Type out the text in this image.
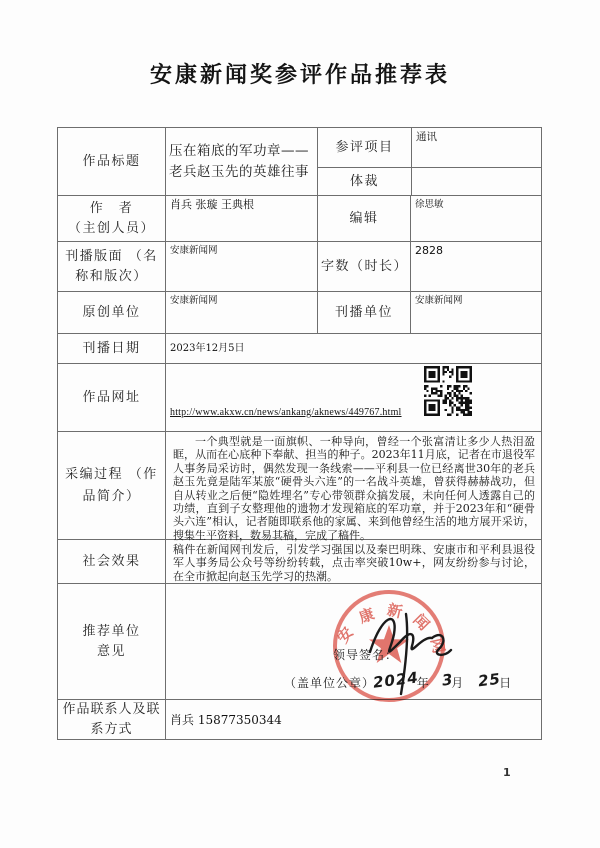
安康新闻奖参评作品推荐表
作品标题
压在箱底的军功章——
老兵赵玉先的英雄往事
参评项目
通讯
体裁
作　者
（主创人员）
肖兵 张璇 王典根
编辑
徐思敏
刊播版面 （名称和版次）
安康新闻网
字数（时长）
2828
原创单位
安康新闻网
刊播单位
安康新闻网
刊播日期	2023年12月5日
作品网址
http://www.akxw.cn/news/ankang/aknews/449767.html
采编过程 （作品简介）
一个典型就是一面旗帜、一种导向，曾经一个张富清让多少人热泪盈眶，从而在心底种下奉献、担当的种子。2023年11月底，记者在市退役军人事务局采访时，偶然发现一条线索——平利县一位已经离世30年的老兵赵玉先竟是陆军某旅“硬骨头六连”的一名战斗英雄，曾获得赫赫战功，但自从转业之后便“隐姓埋名”专心带领群众搞发展，未向任何人透露自己的功绩，直到子女整理他的遗物才发现箱底的军功章，并于2023年和“硬骨头六连”相认，记者随即联系他的家属、来到他曾经生活的地方展开采访，搜集生平资料，数易其稿，完成了稿件。
社会效果
稿件在新闻网刊发后，引发学习强国以及秦巴明珠、安康市和平利县退役军人事务局公众号等纷纷转载，点击率突破10w+，网友纷纷参与讨论，在全市掀起向赵玉先学习的热潮。
推荐单位
意见
安康新闻网
领导签名：
（盖单位公章）2024年 3月 25日
作品联系人及联系方式
肖兵 15877350344
1
